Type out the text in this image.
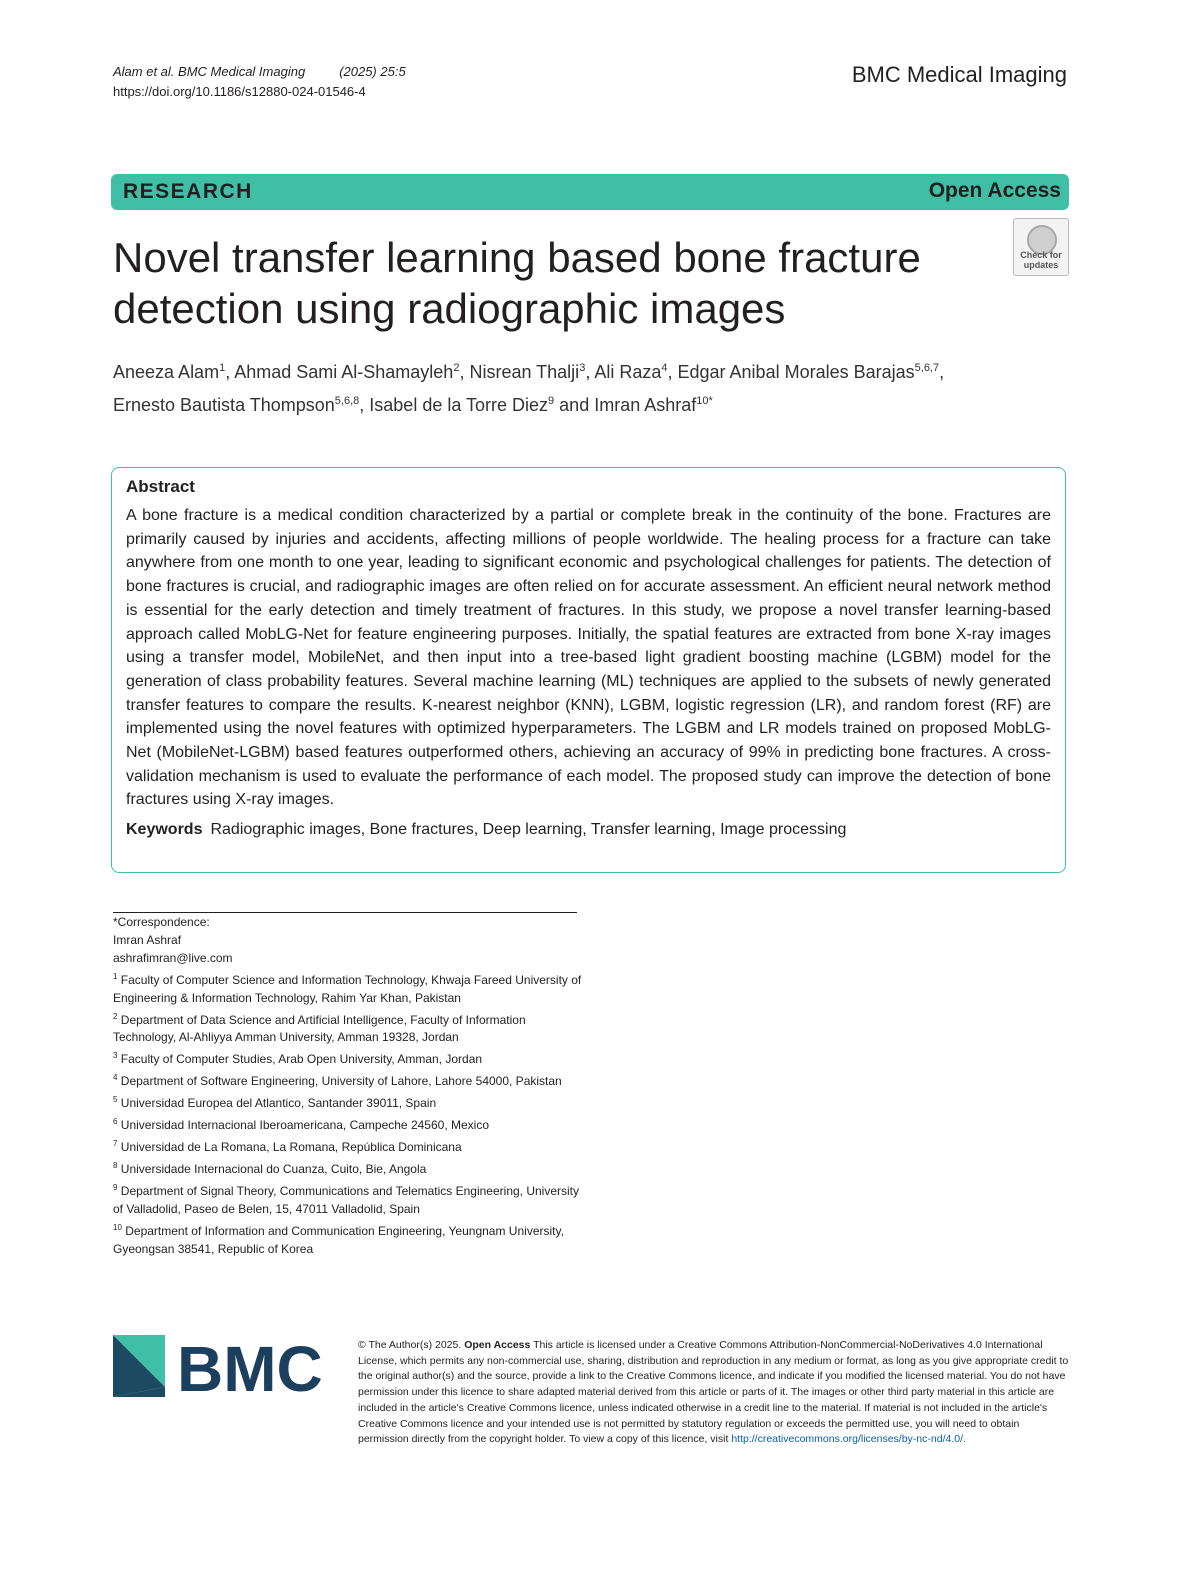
Alam et al. BMC Medical Imaging	(2025) 25:5
https://doi.org/10.1186/s12880-024-01546-4
BMC Medical Imaging
RESEARCH	Open Access
Novel transfer learning based bone fracture detection using radiographic images
Check for updates
Aneeza Alam$^1$, Ahmad Sami Al-Shamayleh$^2$, Nisrean Thalji$^3$, Ali Raza$^4$, Edgar Anibal Morales Barajas$^{5,6,7}$,
Ernesto Bautista Thompson$^{5,6,8}$, Isabel de la Torre Diez$^9$ and Imran Ashraf$^{10*}$
Abstract
A bone fracture is a medical condition characterized by a partial or complete break in the continuity of the bone. Fractures are primarily caused by injuries and accidents, affecting millions of people worldwide. The healing process for a fracture can take anywhere from one month to one year, leading to significant economic and psychological challenges for patients. The detection of bone fractures is crucial, and radiographic images are often relied on for accurate assessment. An efficient neural network method is essential for the early detection and timely treatment of fractures. In this study, we propose a novel transfer learning-based approach called MobLG-Net for feature engineering purposes. Initially, the spatial features are extracted from bone X-ray images using a transfer model, MobileNet, and then input into a tree-based light gradient boosting machine (LGBM) model for the generation of class probability features. Several machine learning (ML) techniques are applied to the subsets of newly generated transfer features to compare the results. K-nearest neighbor (KNN), LGBM, logistic regression (LR), and random forest (RF) are implemented using the novel features with optimized hyperparameters. The LGBM and LR models trained on proposed MobLG-Net (MobileNet-LGBM) based features outperformed others, achieving an accuracy of 99% in predicting bone fractures. A cross-validation mechanism is used to evaluate the performance of each model. The proposed study can improve the detection of bone fractures using X-ray images.
Keywords Radiographic images, Bone fractures, Deep learning, Transfer learning, Image processing
*Correspondence:
Imran Ashraf
ashrafimran@live.com
$^1$ Faculty of Computer Science and Information Technology, Khwaja Fareed University of Engineering & Information Technology, Rahim Yar Khan, Pakistan
$^2$ Department of Data Science and Artificial Intelligence, Faculty of Information Technology, Al-Ahliyya Amman University, Amman 19328, Jordan
$^3$ Faculty of Computer Studies, Arab Open University, Amman, Jordan
$^4$ Department of Software Engineering, University of Lahore, Lahore 54000, Pakistan
$^5$ Universidad Europea del Atlantico, Santander 39011, Spain
$^6$ Universidad Internacional Iberoamericana, Campeche 24560, Mexico
$^7$ Universidad de La Romana, La Romana, República Dominicana
$^8$ Universidade Internacional do Cuanza, Cuito, Bie, Angola
$^9$ Department of Signal Theory, Communications and Telematics Engineering, University of Valladolid, Paseo de Belen, 15, 47011 Valladolid, Spain
$^{10}$ Department of Information and Communication Engineering, Yeungnam University, Gyeongsan 38541, Republic of Korea
BMC	© The Author(s) 2025. Open Access This article is licensed under a Creative Commons Attribution-NonCommercial-NoDerivatives 4.0 International License, which permits any non-commercial use, sharing, distribution and reproduction in any medium or format, as long as you give appropriate credit to the original author(s) and the source, provide a link to the Creative Commons licence, and indicate if you modified the licensed material. You do not have permission under this licence to share adapted material derived from this article or parts of it. The images or other third party material in this article are included in the article's Creative Commons licence, unless indicated otherwise in a credit line to the material. If material is not included in the article's Creative Commons licence and your intended use is not permitted by statutory regulation or exceeds the permitted use, you will need to obtain permission directly from the copyright holder. To view a copy of this licence, visit http://creativecommons.org/licenses/by-nc-nd/4.0/.
